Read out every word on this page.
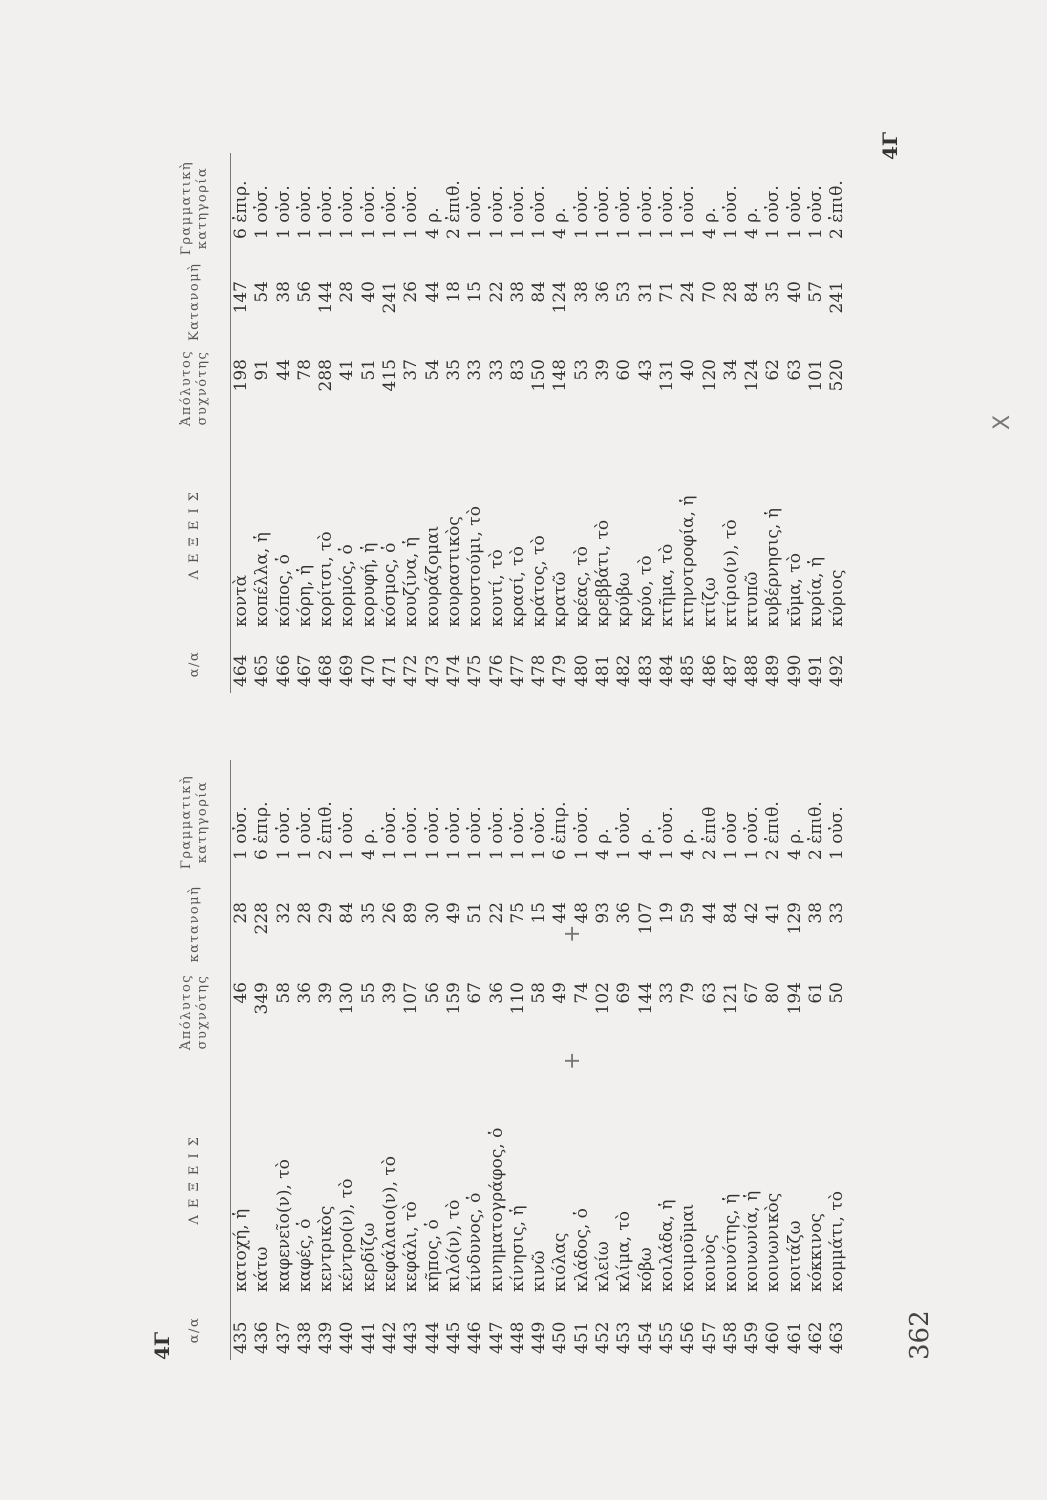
362
4Γ
4Γ
α/α	Λ Ε Ξ Ε Ι Σ	Ἀπόλυτος συχνότης	κατανομὴ	Γραμματικὴ κατηγορία
435	κατοχή, ἡ	46	28	1 οὐσ.
436	κάτω	349	228	6 ἐπιρ.
437	καφενεῖο(ν), τὸ	58	32	1 οὐσ.
438	καφές, ὁ	36	28	1 οὐσ.
439	κεντρικὸς	39	29	2 ἐπιθ.
440	κέντρο(ν), τὸ	130	84	1 οὐσ.
441	κερδίζω	55	35	4 ρ.
442	κεφάλαιο(ν), τὸ	39	26	1 οὐσ.
443	κεφάλι, τὸ	107	89	1 οὐσ.
444	κῆπος, ὁ	56	30	1 οὐσ.
445	κιλό(ν), τὸ	159	49	1 οὐσ.
446	κίνδυνος, ὁ	67	51	1 οὐσ.
447	κινηματογράφος, ὁ	36	22	1 οὐσ.
448	κίνησις, ἡ	110	75	1 οὐσ.
449	κινῶ	58	15	1 οὐσ.
450	κιόλας	49	44	6 ἐπιρ.
451	κλάδος, ὁ	74	48	1 οὐσ.
452	κλείω	102	93	4 ρ.
453	κλίμα, τὸ	69	36	1 οὐσ.
454	κόβω	144	107	4 ρ.
455	κοιλάδα, ἡ	33	19	1 οὐσ.
456	κοιμοῦμαι	79	59	4 ρ.
457	κοινὸς	63	44	2 ἐπιθ
458	κοινότης, ἡ	121	84	1 οὐσ
459	κοινωνία, ἡ	67	42	1 οὐσ.
460	κοινωνικὸς	80	41	2 ἐπιθ.
461	κοιτάζω	194	129	4 ρ.
462	κόκκινος	61	38	2 ἐπιθ.
463	κομμάτι, τὸ	50	33	1 οὐσ.
α/α	Λ Ε Ξ Ε Ι Σ	Ἀπόλυτος συχνότης	Κατανομὴ	Γραμματικὴ κατηγορία
464	κοντὰ	198	147	6 ἐπιρ.
465	κοπέλλα, ἡ	91	54	1 οὐσ.
466	κόπος, ὁ	44	38	1 οὐσ.
467	κόρη, ἡ	78	56	1 οὐσ.
468	κορίτσι, τὸ	288	144	1 οὐσ.
469	κορμός, ὁ	41	28	1 οὐσ.
470	κορυφή, ἡ	51	40	1 οὐσ.
471	κόσμος, ὁ	415	241	1 οὐσ.
472	κουζίνα, ἡ	37	26	1 οὐσ.
473	κουράζομαι	54	44	4 ρ.
474	κουραστικὸς	35	18	2 ἐπιθ.
475	κουστούμι, τὸ	33	15	1 οὐσ.
476	κουτί, τὸ	33	22	1 οὐσ.
477	κρασί, τὸ	83	38	1 οὐσ.
478	κράτος, τὸ	150	84	1 οὐσ.
479	κρατῶ	148	124	4 ρ.
480	κρέας, τὸ	53	38	1 οὐσ.
481	κρεββάτι, τὸ	39	36	1 οὐσ.
482	κρύβω	60	53	1 οὐσ.
483	κρύο, τὸ	43	31	1 οὐσ.
484	κτῆμα, τὸ	131	71	1 οὐσ.
485	κτηνοτροφία, ἡ	40	24	1 οὐσ.
486	κτίζω	120	70	4 ρ.
487	κτίριο(ν), τὸ	34	28	1 οὐσ.
488	κτυπῶ	124	84	4 ρ.
489	κυβέρνησις, ἡ	62	35	1 οὐσ.
490	κῦμα, τὸ	63	40	1 οὐσ.
491	κυρία, ἡ	101	57	1 οὐσ.
492	κύριος	520	241	2 ἐπιθ.
+
+
X
